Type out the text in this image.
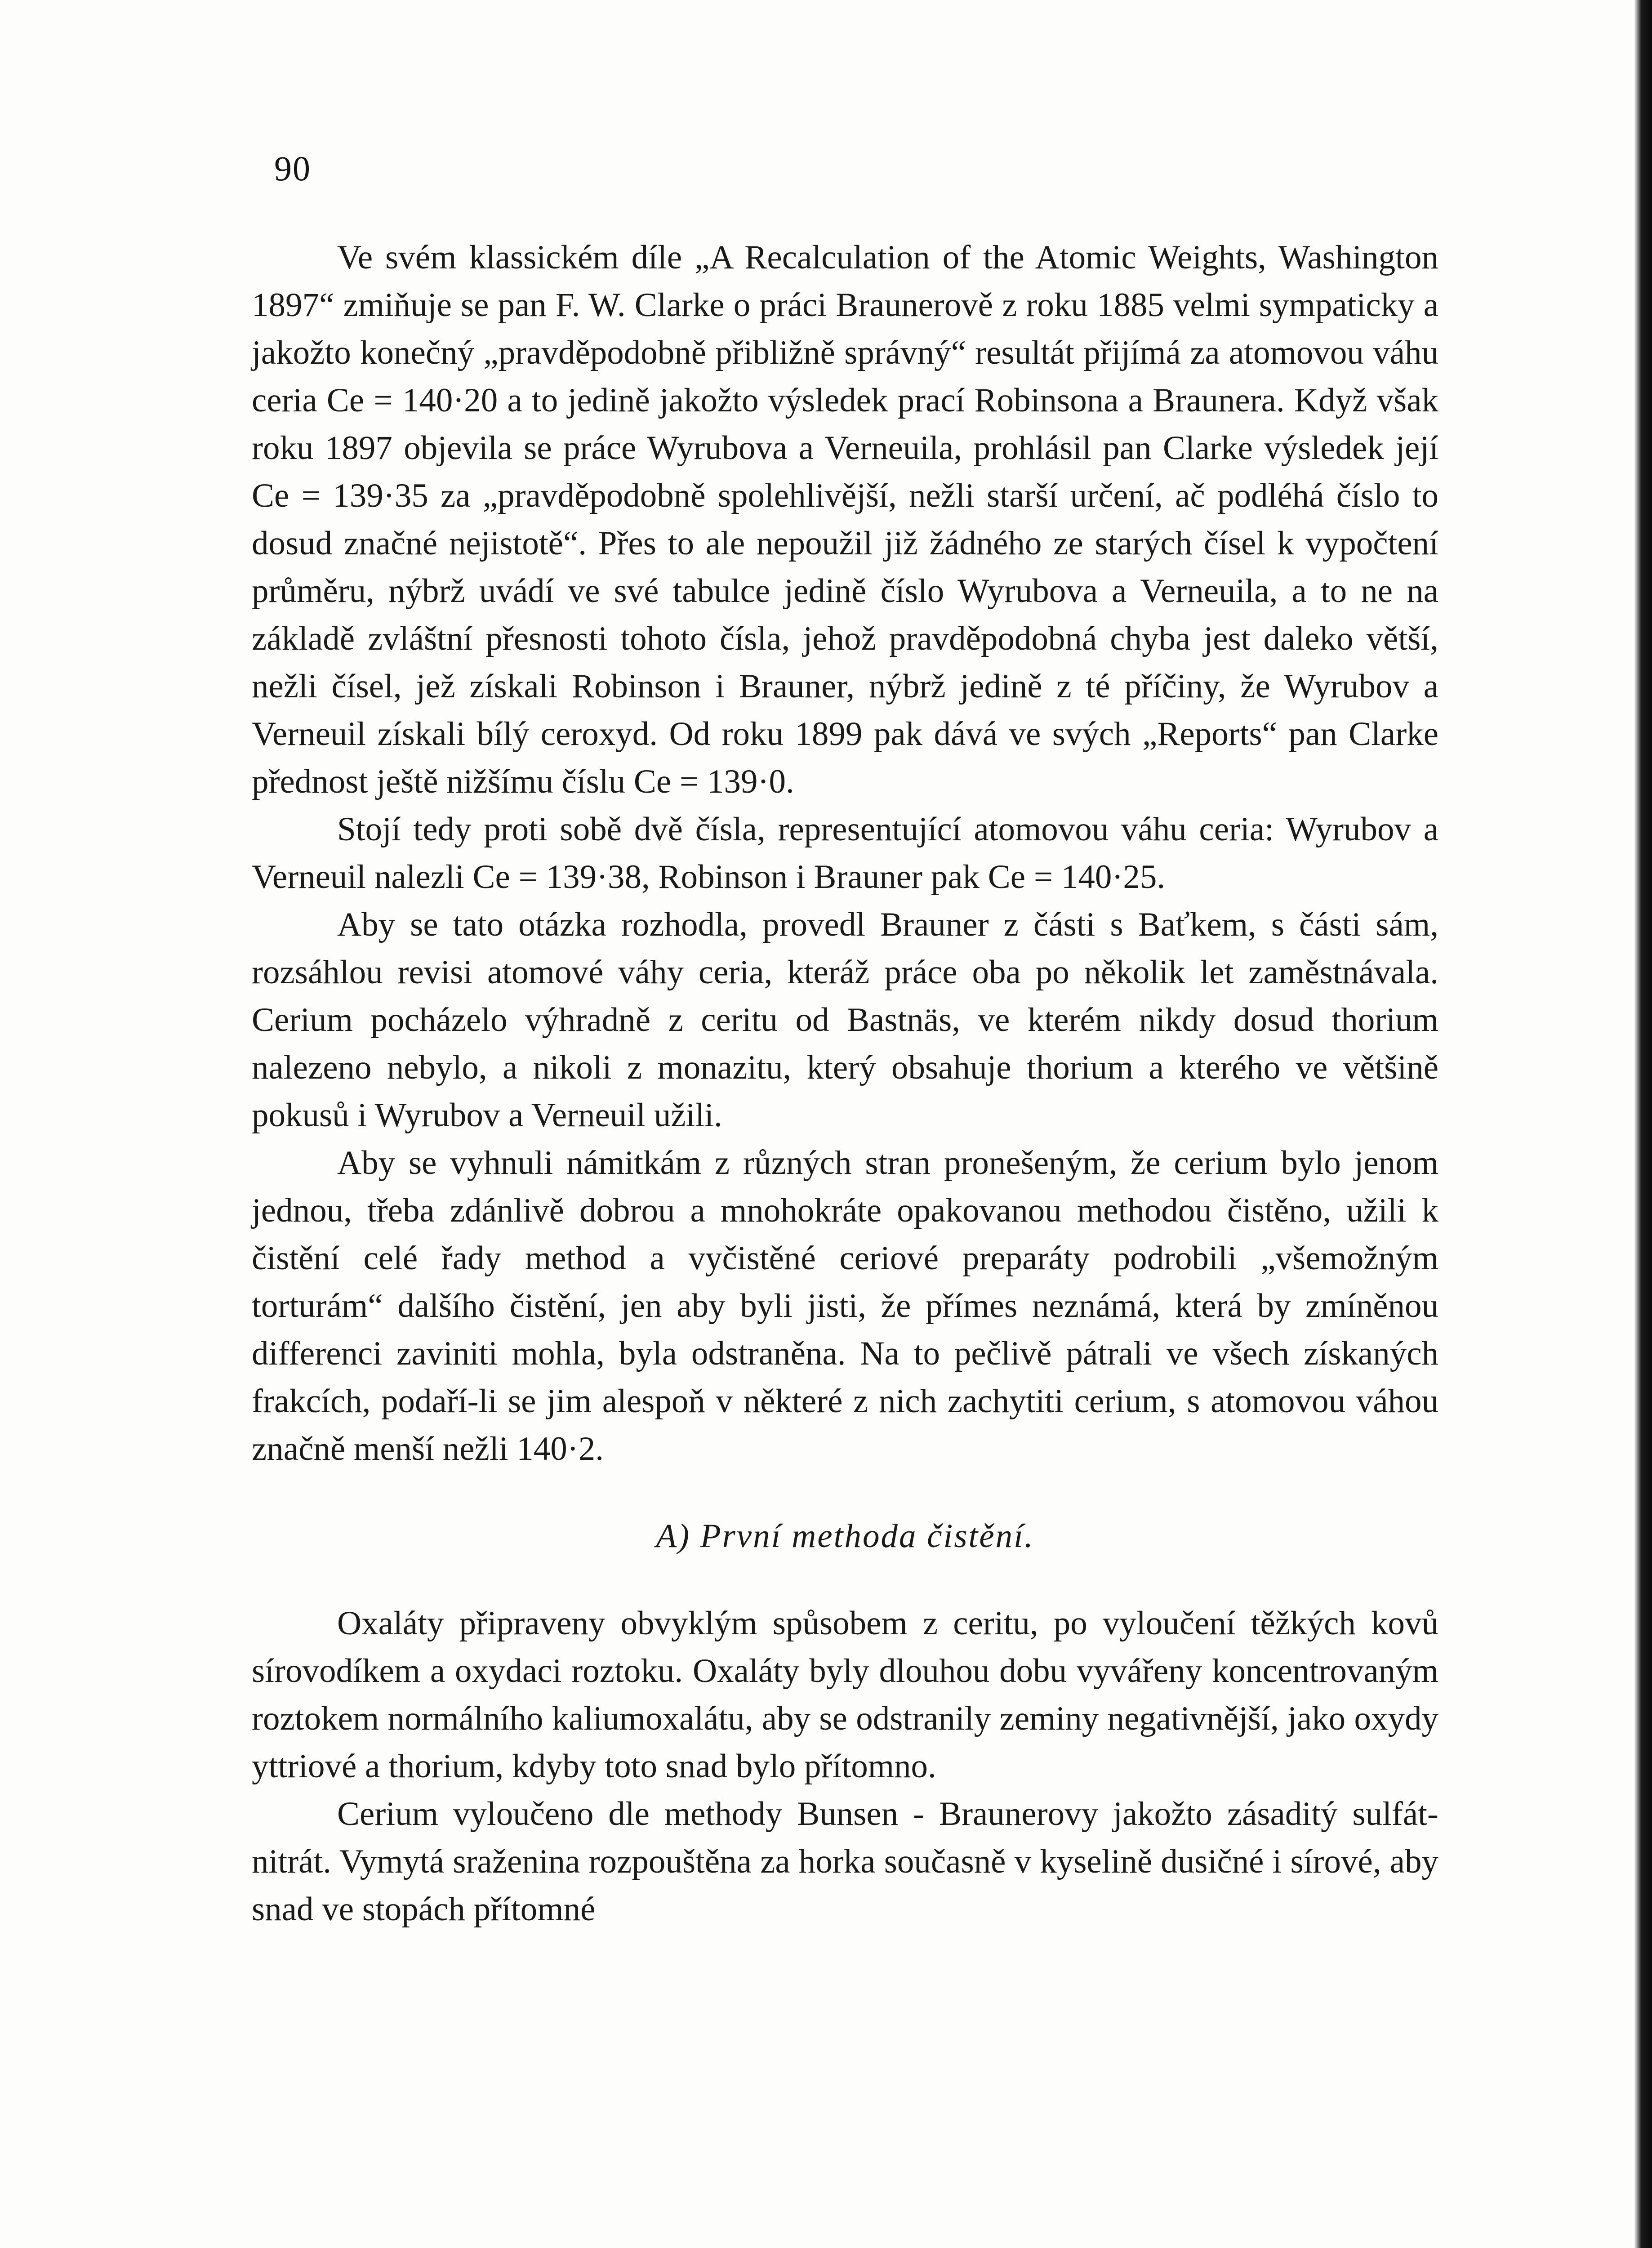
90

Ve svém klassickém díle „A Recalculation of the Atomic Weights, Washington 1897“ zmiňuje se pan F. W. Clarke o práci Braunerově z roku 1885 velmi sympaticky a jakožto konečný „pravděpodobně přibližně správný“ resultát přijímá za atomovou váhu ceria Ce = 140·20 a to jedině jakožto výsledek prací Robinsona a Braunera. Když však roku 1897 objevila se práce Wyrubova a Verneuila, prohlásil pan Clarke výsledek její Ce = 139·35 za „pravděpodobně spolehlivější, nežli starší určení, ač podléhá číslo to dosud značné nejistotě“. Přes to ale nepoužil již žádného ze starých čísel k vypočtení průměru, nýbrž uvádí ve své tabulce jedině číslo Wyrubova a Verneuila, a to ne na základě zvláštní přesnosti tohoto čísla, jehož pravděpodobná chyba jest daleko větší, nežli čísel, jež získali Robinson i Brauner, nýbrž jedině z té příčiny, že Wyrubov a Verneuil získali bílý ceroxyd. Od roku 1899 pak dává ve svých „Reports“ pan Clarke přednost ještě nižšímu číslu Ce = 139·0.

Stojí tedy proti sobě dvě čísla, representující atomovou váhu ceria: Wyrubov a Verneuil nalezli Ce = 139·38, Robinson i Brauner pak Ce = 140·25.

Aby se tato otázka rozhodla, provedl Brauner z části s Baťkem, s části sám, rozsáhlou revisi atomové váhy ceria, kteráž práce oba po několik let zaměstnávala. Cerium pocházelo výhradně z ceritu od Bastnäs, ve kterém nikdy dosud thorium nalezeno nebylo, a nikoli z monazitu, který obsahuje thorium a kterého ve většině pokusů i Wyrubov a Verneuil užili.

Aby se vyhnuli námitkám z různých stran pronešeným, že cerium bylo jenom jednou, třeba zdánlivě dobrou a mnohokráte opakovanou methodou čistěno, užili k čistění celé řady method a vyčistěné ceriové preparáty podrobili „všemožným torturám“ dalšího čistění, jen aby byli jisti, že přímes neznámá, která by zmíněnou differenci zaviniti mohla, byla odstraněna. Na to pečlivě pátrali ve všech získaných frakcích, podaří-li se jim alespoň v některé z nich zachytiti cerium, s atomovou váhou značně menší nežli 140·2.

A) První methoda čistění.

Oxaláty připraveny obvyklým spůsobem z ceritu, po vyloučení těžkých kovů sírovodíkem a oxydaci roztoku. Oxaláty byly dlouhou dobu vyvářeny koncentrovaným roztokem normálního kaliumoxalátu, aby se odstranily zeminy negativnější, jako oxydy yttriové a thorium, kdyby toto snad bylo přítomno.

Cerium vyloučeno dle methody Bunsen - Braunerovy jakožto zásaditý sulfát-nitrát. Vymytá sraženina rozpouštěna za horka současně v kyselině dusičné i sírové, aby snad ve stopách přítomné
